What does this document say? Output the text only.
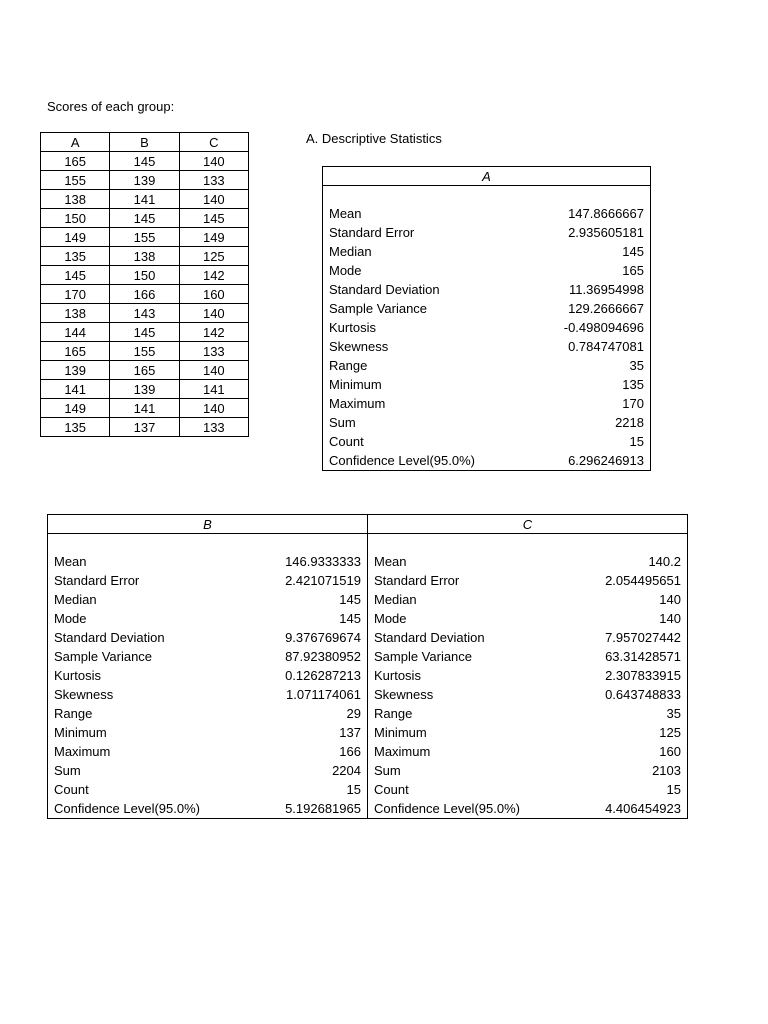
Scores of each group:
A	B	C
165	145	140
155	139	133
138	141	140
150	145	145
149	155	149
135	138	125
145	150	142
170	166	160
138	143	140
144	145	142
165	155	133
139	165	140
141	139	141
149	141	140
135	137	133
A. Descriptive Statistics
A	

Mean	147.8666667
Standard Error	2.935605181
Median	145
Mode	165
Standard Deviation	11.36954998
Sample Variance	129.2666667
Kurtosis	-0.498094696
Skewness	0.784747081
Range	35
Minimum	135
Maximum	170
Sum	2218
Count	15
Confidence Level(95.0%)	6.296246913
B		C	

Mean	146.9333333	Mean	140.2
Standard Error	2.421071519	Standard Error	2.054495651
Median	145	Median	140
Mode	145	Mode	140
Standard Deviation	9.376769674	Standard Deviation	7.957027442
Sample Variance	87.92380952	Sample Variance	63.31428571
Kurtosis	0.126287213	Kurtosis	2.307833915
Skewness	1.071174061	Skewness	0.643748833
Range	29	Range	35
Minimum	137	Minimum	125
Maximum	166	Maximum	160
Sum	2204	Sum	2103
Count	15	Count	15
Confidence Level(95.0%)	5.192681965	Confidence Level(95.0%)	4.406454923
